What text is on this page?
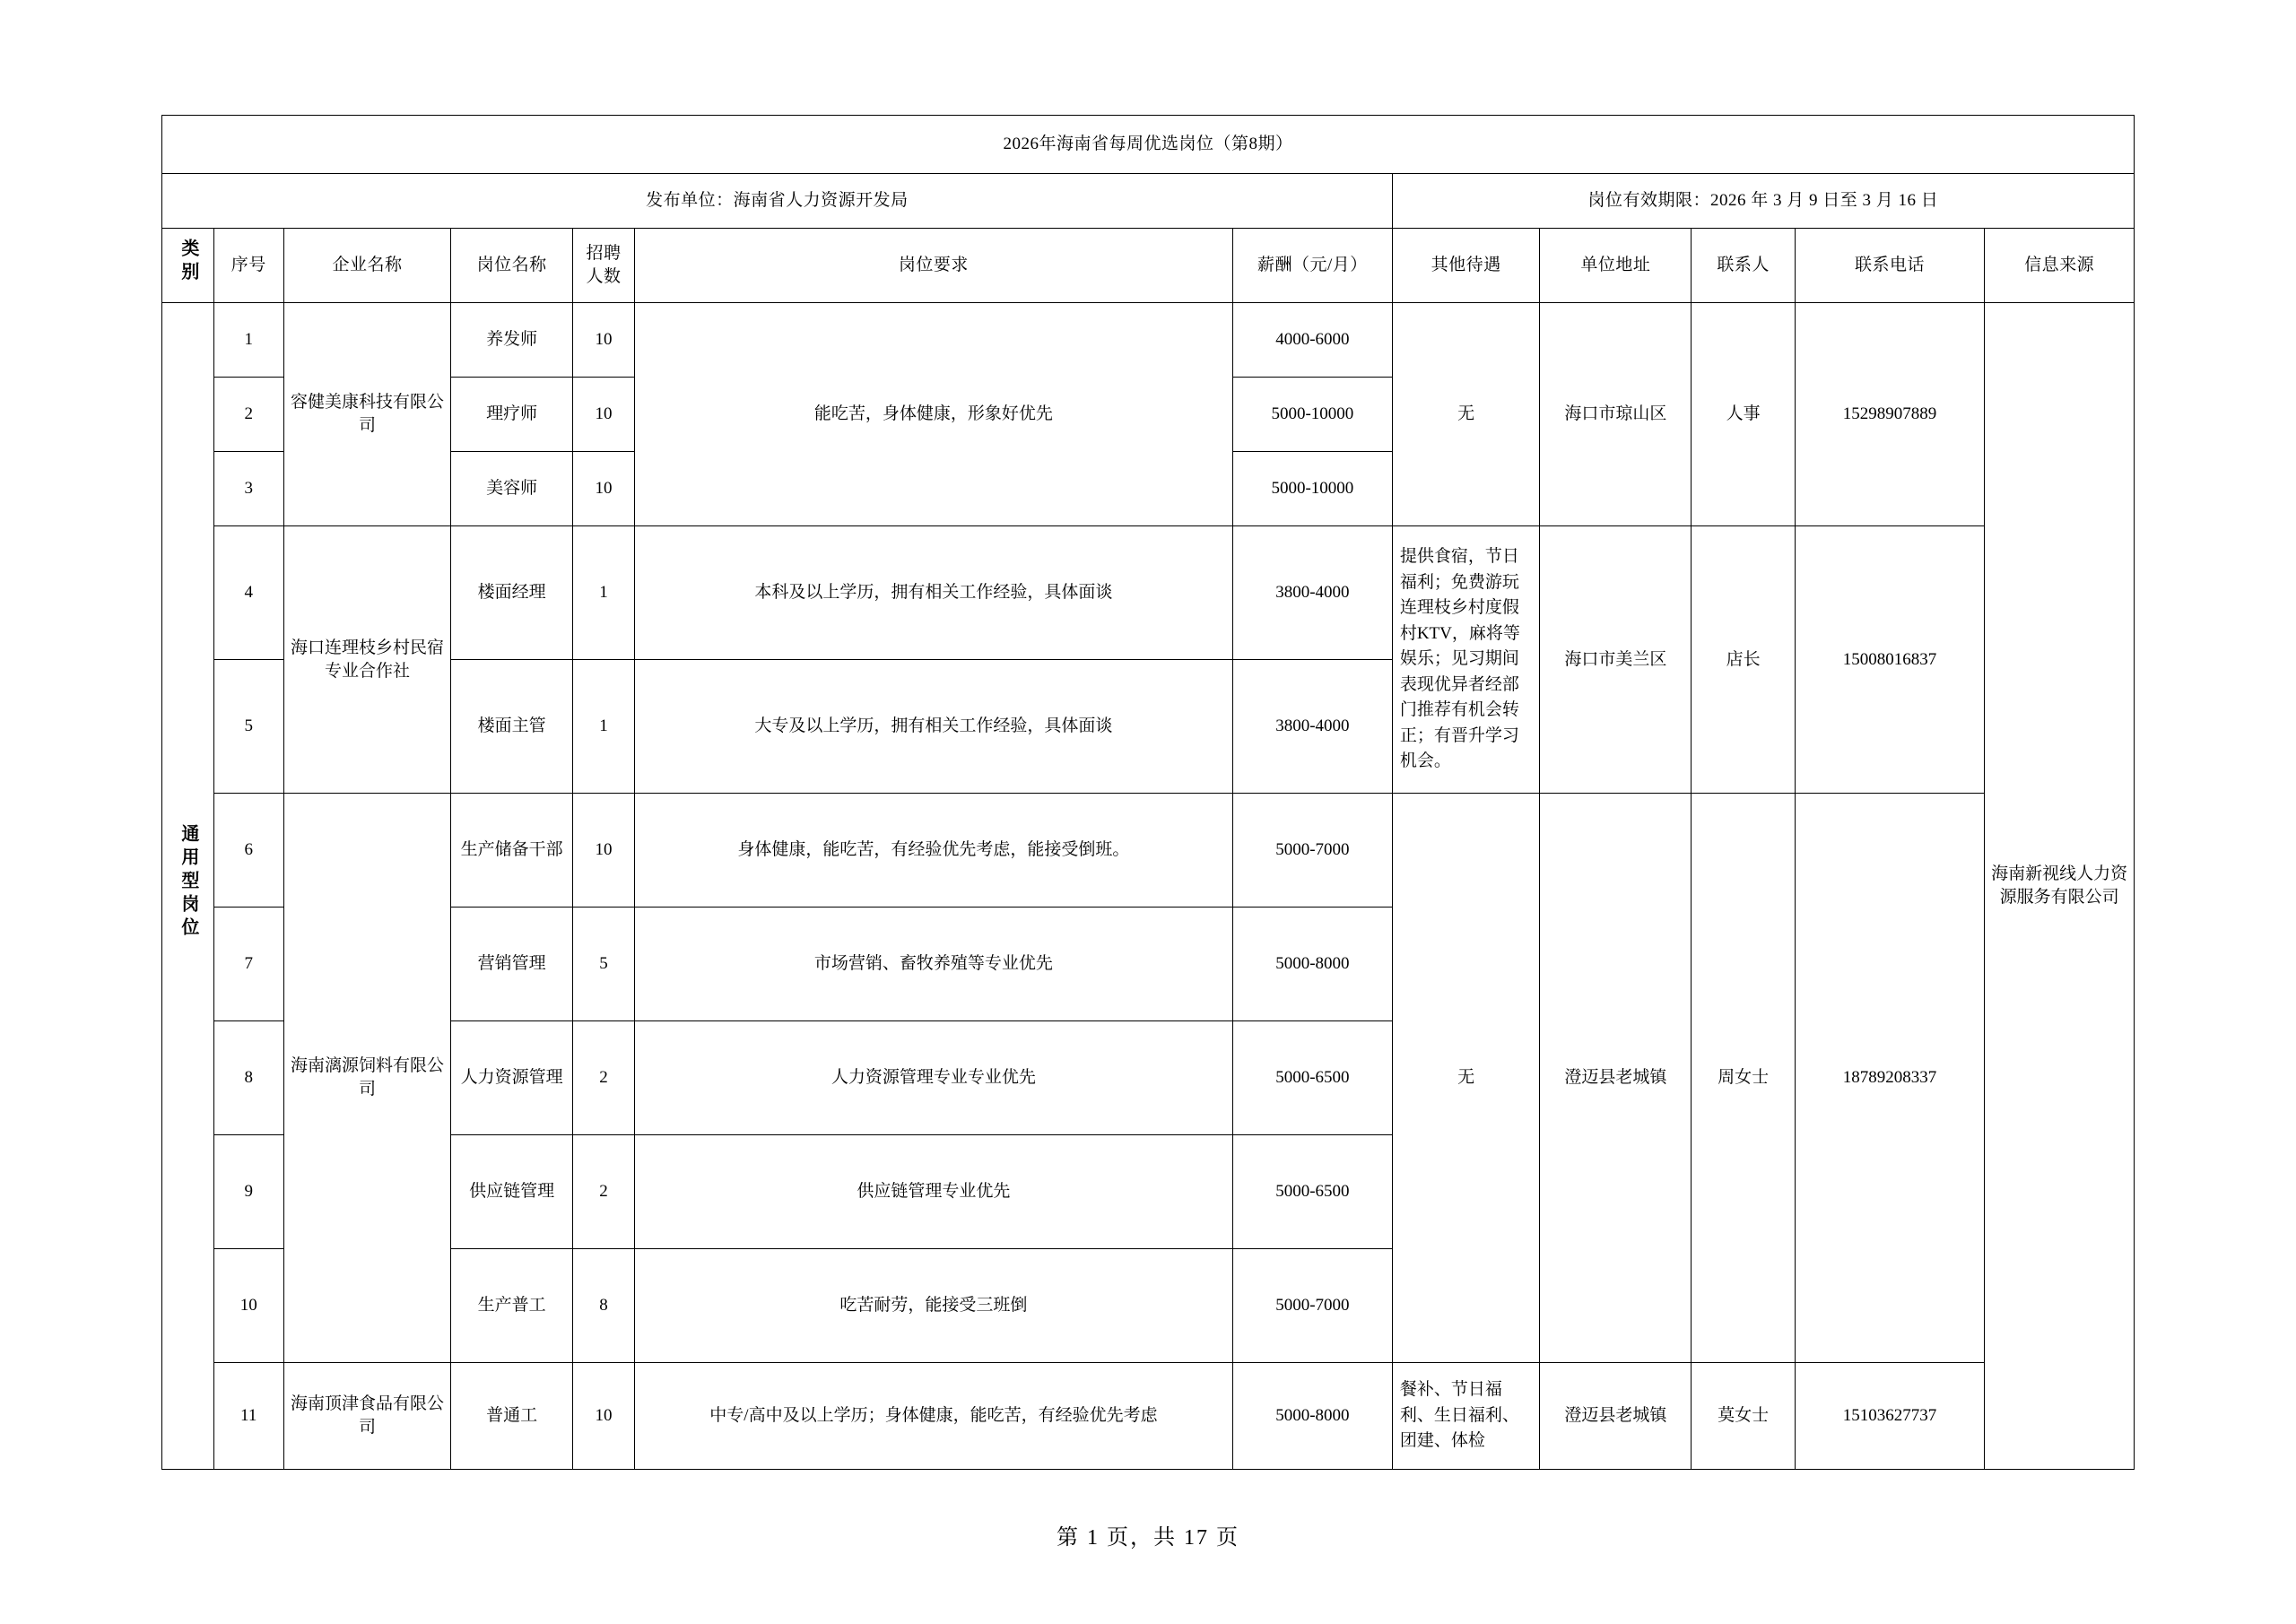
2026年海南省每周优选岗位（第8期）											
发布单位：海南省人力资源开发局							岗位有效期限：2026 年 3 月 9 日至 3 月 16 日				
类别	序号	企业名称	岗位名称	招聘人数	岗位要求	薪酬（元/月）	其他待遇	单位地址	联系人	联系电话	信息来源
通用型岗位	1	容健美康科技有限公司	养发师	10	能吃苦，身体健康，形象好优先	4000-6000	无	海口市琼山区	人事	15298907889	海南新视线人力资源服务有限公司
	2		理疗师	10		5000-10000					
	3		美容师	10		5000-10000					
	4	海口连理枝乡村民宿专业合作社	楼面经理	1	本科及以上学历，拥有相关工作经验，具体面谈	3800-4000	提供食宿，节日福利；免费游玩连理枝乡村度假村KTV，麻将等娱乐；见习期间表现优异者经部门推荐有机会转正；有晋升学习机会。	海口市美兰区	店长	15008016837	
	5		楼面主管	1	大专及以上学历，拥有相关工作经验，具体面谈	3800-4000					
	6	海南漓源饲料有限公司	生产储备干部	10	身体健康，能吃苦，有经验优先考虑，能接受倒班。	5000-7000	无	澄迈县老城镇	周女士	18789208337	
	7		营销管理	5	市场营销、畜牧养殖等专业优先	5000-8000					
	8		人力资源管理	2	人力资源管理专业专业优先	5000-6500					
	9		供应链管理	2	供应链管理专业优先	5000-6500					
	10		生产普工	8	吃苦耐劳，能接受三班倒	5000-7000					
	11	海南顶津食品有限公司	普通工	10	中专/高中及以上学历；身体健康，能吃苦，有经验优先考虑	5000-8000	餐补、节日福利、生日福利、团建、体检	澄迈县老城镇	莫女士	15103627737	
第 1 页，共 17 页
